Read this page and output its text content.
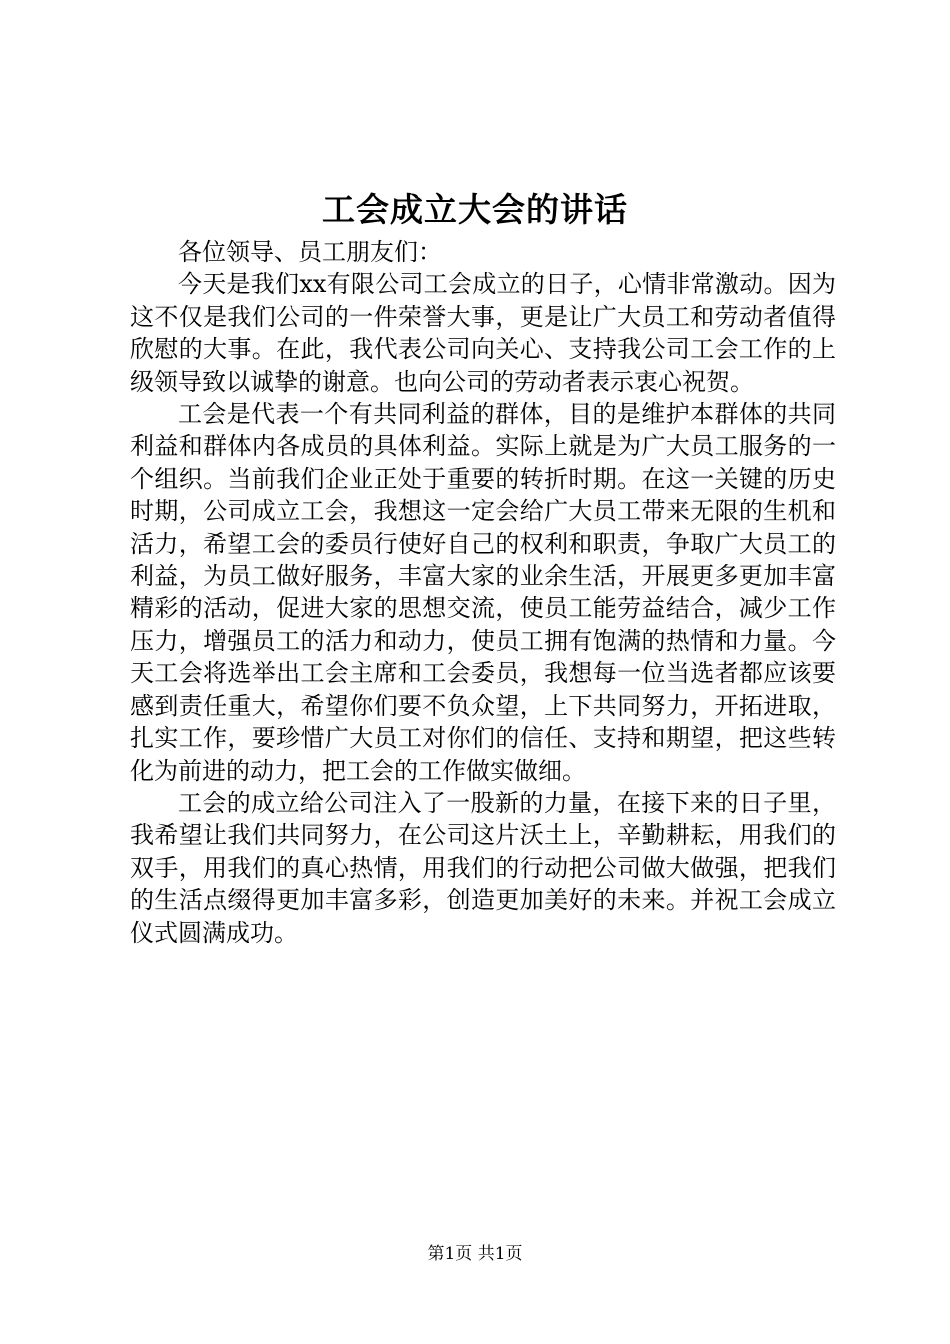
工会成立大会的讲话

各位领导、员工朋友们：

今天是我们xx有限公司工会成立的日子，心情非常激动。因为这不仅是我们公司的一件荣誉大事，更是让广大员工和劳动者值得欣慰的大事。在此，我代表公司向关心、支持我公司工会工作的上级领导致以诚挚的谢意。也向公司的劳动者表示衷心祝贺。

工会是代表一个有共同利益的群体，目的是维护本群体的共同利益和群体内各成员的具体利益。实际上就是为广大员工服务的一个组织。当前我们企业正处于重要的转折时期。在这一关键的历史时期，公司成立工会，我想这一定会给广大员工带来无限的生机和活力，希望工会的委员行使好自己的权利和职责，争取广大员工的利益，为员工做好服务，丰富大家的业余生活，开展更多更加丰富精彩的活动，促进大家的思想交流，使员工能劳益结合，减少工作压力，增强员工的活力和动力，使员工拥有饱满的热情和力量。今天工会将选举出工会主席和工会委员，我想每一位当选者都应该要感到责任重大，希望你们要不负众望，上下共同努力，开拓进取，扎实工作，要珍惜广大员工对你们的信任、支持和期望，把这些转化为前进的动力，把工会的工作做实做细。

工会的成立给公司注入了一股新的力量，在接下来的日子里，我希望让我们共同努力，在公司这片沃土上，辛勤耕耘，用我们的双手，用我们的真心热情，用我们的行动把公司做大做强，把我们的生活点缀得更加丰富多彩，创造更加美好的未来。并祝工会成立仪式圆满成功。

第1页 共1页
